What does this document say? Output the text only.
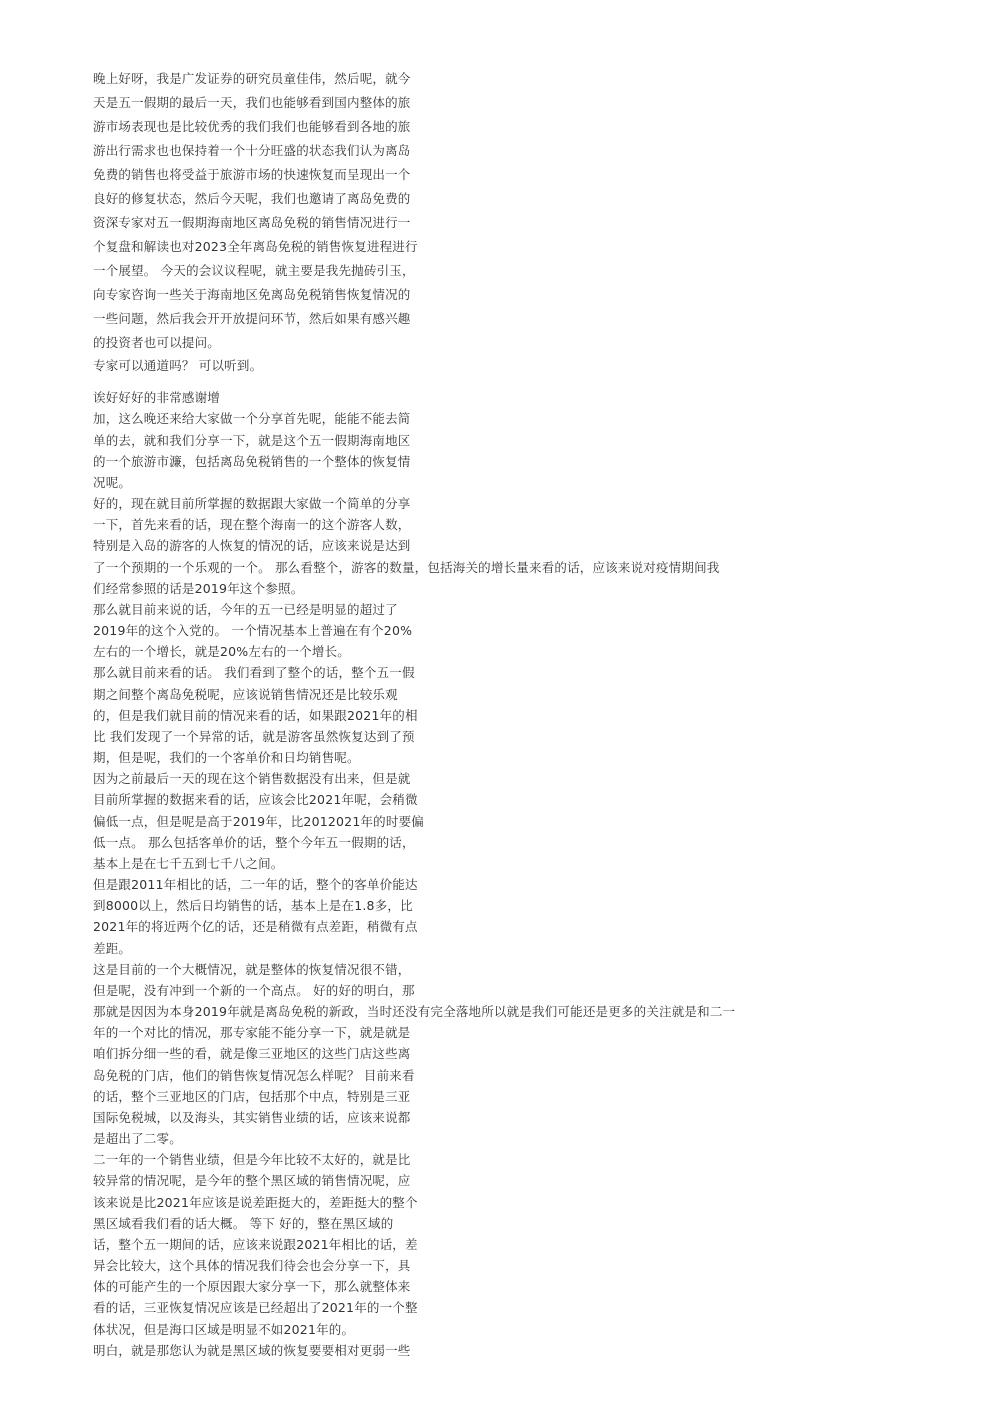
晚上好呀，我是广发证券的研究员童佳伟，然后呢，就今
天是五一假期的最后一天，我们也能够看到国内整体的旅
游市场表现也是比较优秀的我们我们也能够看到各地的旅
游出行需求也也保持着一个十分旺盛的状态我们认为离岛
免费的销售也将受益于旅游市场的快速恢复而呈现出一个
良好的修复状态，然后今天呢，我们也邀请了离岛免费的
资深专家对五一假期海南地区离岛免税的销售情况进行一
个复盘和解读也对2023全年离岛免税的销售恢复进程进行
一个展望。 今天的会议议程呢，就主要是我先抛砖引玉，
向专家咨询一些关于海南地区免离岛免税销售恢复情况的
一些问题，然后我会开开放提问环节，然后如果有感兴趣
的投资者也可以提问。
专家可以通道吗？ 可以听到。
诶好好好的非常感谢增
加，这么晚还来给大家做一个分享首先呢，能能不能去简
单的去，就和我们分享一下，就是这个五一假期海南地区
的一个旅游市濂，包括离岛免税销售的一个整体的恢复情
况呢。
好的，现在就目前所掌握的数据跟大家做一个简单的分享
一下，首先来看的话，现在整个海南一的这个游客人数，
特别是入岛的游客的人恢复的情况的话，应该来说是达到
了一个预期的一个乐观的一个。 那么看整个，游客的数量，包括海关的增长量来看的话，应该来说对疫情期间我
们经常参照的话是2019年这个参照。
那么就目前来说的话，今年的五一已经是明显的超过了
2019年的这个入党的。 一个情况基本上普遍在有个20%
左右的一个增长，就是20%左右的一个增长。
那么就目前来看的话。 我们看到了整个的话，整个五一假
期之间整个离岛免税呢，应该说销售情况还是比较乐观
的，但是我们就目前的情况来看的话，如果跟2021年的相
比 我们发现了一个异常的话，就是游客虽然恢复达到了预
期，但是呢，我们的一个客单价和日均销售呢。
因为之前最后一天的现在这个销售数据没有出来，但是就
目前所掌握的数据来看的话，应该会比2021年呢，会稍微
偏低一点，但是呢是高于2019年，比2012021年的时要偏
低一点。 那么包括客单价的话，整个今年五一假期的话，
基本上是在七千五到七千八之间。
但是跟2011年相比的话，二一年的话，整个的客单价能达
到8000以上，然后日均销售的话，基本上是在1.8多，比
2021年的将近两个亿的话，还是稍微有点差距，稍微有点
差距。
这是目前的一个大概情况，就是整体的恢复情况很不错，
但是呢，没有冲到一个新的一个高点。 好的好的明白，那
那就是因因为本身2019年就是离岛免税的新政，当时还没有完全落地所以就是我们可能还是更多的关注就是和二一
年的一个对比的情况，那专家能不能分享一下，就是就是
咱们拆分细一些的看，就是像三亚地区的这些门店这些离
岛免税的门店，他们的销售恢复情况怎么样呢？ 目前来看
的话，整个三亚地区的门店，包括那个中点，特别是三亚
国际免税城，以及海头，其实销售业绩的话，应该来说都
是超出了二零。
二一年的一个销售业绩，但是今年比较不太好的，就是比
较异常的情况呢，是今年的整个黑区域的销售情况呢，应
该来说是比2021年应该是说差距挺大的，差距挺大的整个
黑区域看我们看的话大概。 等下 好的，整在黑区域的
话，整个五一期间的话，应该来说跟2021年相比的话，差
异会比较大，这个具体的情况我们待会也会分享一下，具
体的可能产生的一个原因跟大家分享一下，那么就整体来
看的话，三亚恢复情况应该是已经超出了2021年的一个整
体状况，但是海口区域是明显不如2021年的。
明白，就是那您认为就是黑区域的恢复要要相对更弱一些
